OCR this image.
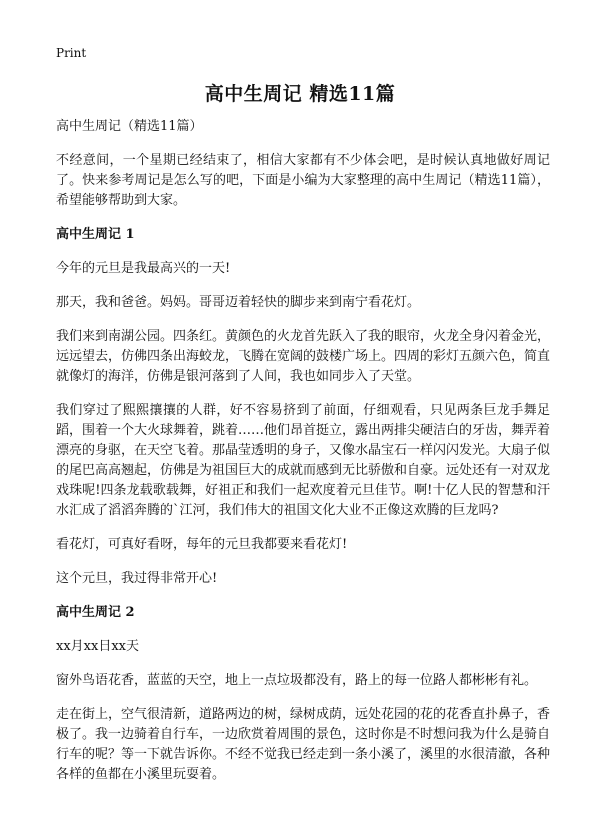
Print
高中生周记 精选11篇

高中生周记（精选11篇）

不经意间，一个星期已经结束了，相信大家都有不少体会吧，是时候认真地做好周记了。快来参考周记是怎么写的吧，下面是小编为大家整理的高中生周记（精选11篇），希望能够帮助到大家。

高中生周记 1

今年的元旦是我最高兴的一天!

那天，我和爸爸。妈妈。哥哥迈着轻快的脚步来到南宁看花灯。

我们来到南湖公园。四条红。黄颜色的火龙首先跃入了我的眼帘，火龙全身闪着金光，远远望去，仿佛四条出海蛟龙，飞腾在宽阔的鼓楼广场上。四周的彩灯五颜六色，简直就像灯的海洋，仿佛是银河落到了人间，我也如同步入了天堂。

我们穿过了熙熙攘攘的人群，好不容易挤到了前面，仔细观看，只见两条巨龙手舞足蹈，围着一个大火球舞着，跳着……他们昂首挺立，露出两排尖硬洁白的牙齿，舞弄着漂亮的身驱，在天空飞着。那晶莹透明的身子，又像水晶宝石一样闪闪发光。大扇子似的尾巴高高翘起，仿佛是为祖国巨大的成就而感到无比骄傲和自豪。远处还有一对双龙戏珠呢!四条龙载歌载舞，好祖正和我们一起欢度着元旦佳节。啊!十亿人民的智慧和汗水汇成了滔滔奔腾的`江河，我们伟大的祖国文化大业不正像这欢腾的巨龙吗?

看花灯，可真好看呀，每年的元旦我都要来看花灯!

这个元旦，我过得非常开心!

高中生周记 2

xx月xx日xx天

窗外鸟语花香，蓝蓝的天空，地上一点垃圾都没有，路上的每一位路人都彬彬有礼。

走在街上，空气很清新，道路两边的树，绿树成荫，远处花园的花的花香直扑鼻子，香极了。我一边骑着自行车，一边欣赏着周围的景色，这时你是不时想问我为什么是骑自行车的呢？等一下就告诉你。不经不觉我已经走到一条小溪了，溪里的水很清澈，各种各样的鱼都在小溪里玩耍着。
